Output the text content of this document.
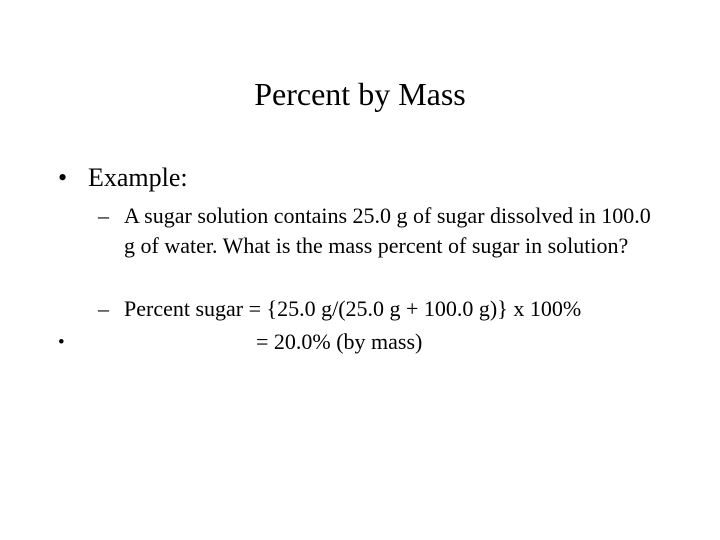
Percent by Mass
• Example:
– A sugar solution contains 25.0 g of sugar dissolved in 100.0 g of water. What is the mass percent of sugar in solution?
– Percent sugar = {25.0 g/(25.0 g + 100.0 g)} x 100%
•	= 20.0% (by mass)
